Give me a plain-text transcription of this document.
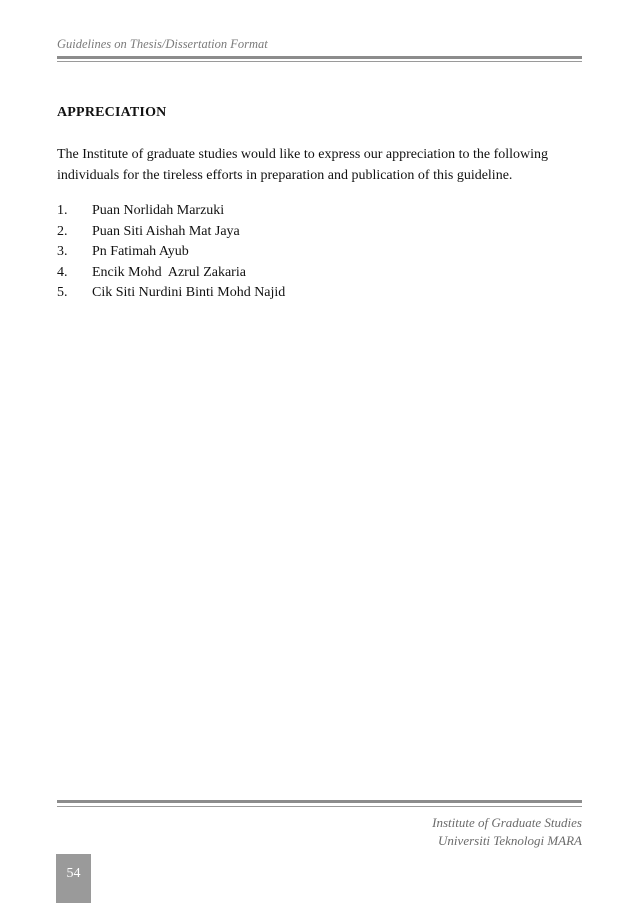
Guidelines on Thesis/Dissertation Format
APPRECIATION
The Institute of graduate studies would like to express our appreciation to the following
individuals for the tireless efforts in preparation and publication of this guideline.
1.	Puan Norlidah Marzuki
2.	Puan Siti Aishah Mat Jaya
3.	Pn Fatimah Ayub
4.	Encik Mohd  Azrul Zakaria
5.	Cik Siti Nurdini Binti Mohd Najid
Institute of Graduate Studies
Universiti Teknologi MARA
54
